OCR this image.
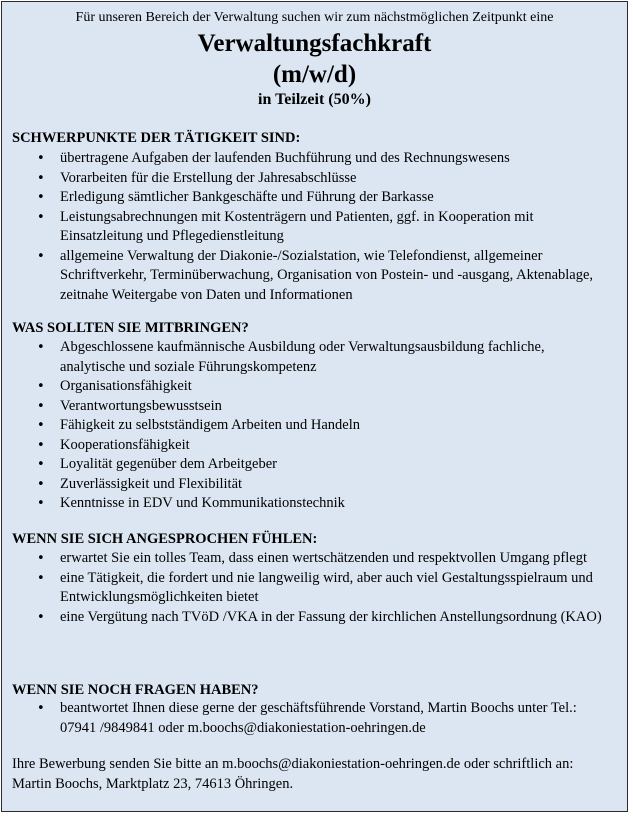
Für unseren Bereich der Verwaltung suchen wir zum nächstmöglichen Zeitpunkt eine
Verwaltungsfachkraft
(m/w/d)
in Teilzeit (50%)
SCHWERPUNKTE DER TÄTIGKEIT SIND:
• übertragene Aufgaben der laufenden Buchführung und des Rechnungswesens
• Vorarbeiten für die Erstellung der Jahresabschlüsse
• Erledigung sämtlicher Bankgeschäfte und Führung der Barkasse
• Leistungsabrechnungen mit Kostenträgern und Patienten, ggf. in Kooperation mit Einsatzleitung und Pflegedienstleitung
• allgemeine Verwaltung der Diakonie-/Sozialstation, wie Telefondienst, allgemeiner Schriftverkehr, Terminüberwachung, Organisation von Postein- und -ausgang, Aktenablage, zeitnahe Weitergabe von Daten und Informationen
WAS SOLLTEN SIE MITBRINGEN?
• Abgeschlossene kaufmännische Ausbildung oder Verwaltungsausbildung fachliche, analytische und soziale Führungskompetenz
• Organisationsfähigkeit
• Verantwortungsbewusstsein
• Fähigkeit zu selbstständigem Arbeiten und Handeln
• Kooperationsfähigkeit
• Loyalität gegenüber dem Arbeitgeber
• Zuverlässigkeit und Flexibilität
• Kenntnisse in EDV und Kommunikationstechnik
WENN SIE SICH ANGESPROCHEN FÜHLEN:
• erwartet Sie ein tolles Team, dass einen wertschätzenden und respektvollen Umgang pflegt
• eine Tätigkeit, die fordert und nie langweilig wird, aber auch viel Gestaltungsspielraum und Entwicklungsmöglichkeiten bietet
• eine Vergütung nach TVöD /VKA in der Fassung der kirchlichen Anstellungsordnung (KAO)
WENN SIE NOCH FRAGEN HABEN?
• beantwortet Ihnen diese gerne der geschäftsführende Vorstand, Martin Boochs unter Tel.: 07941 /9849841 oder m.boochs@diakoniestation-oehringen.de
Ihre Bewerbung senden Sie bitte an m.boochs@diakoniestation-oehringen.de oder schriftlich an: Martin Boochs, Marktplatz 23, 74613 Öhringen.
